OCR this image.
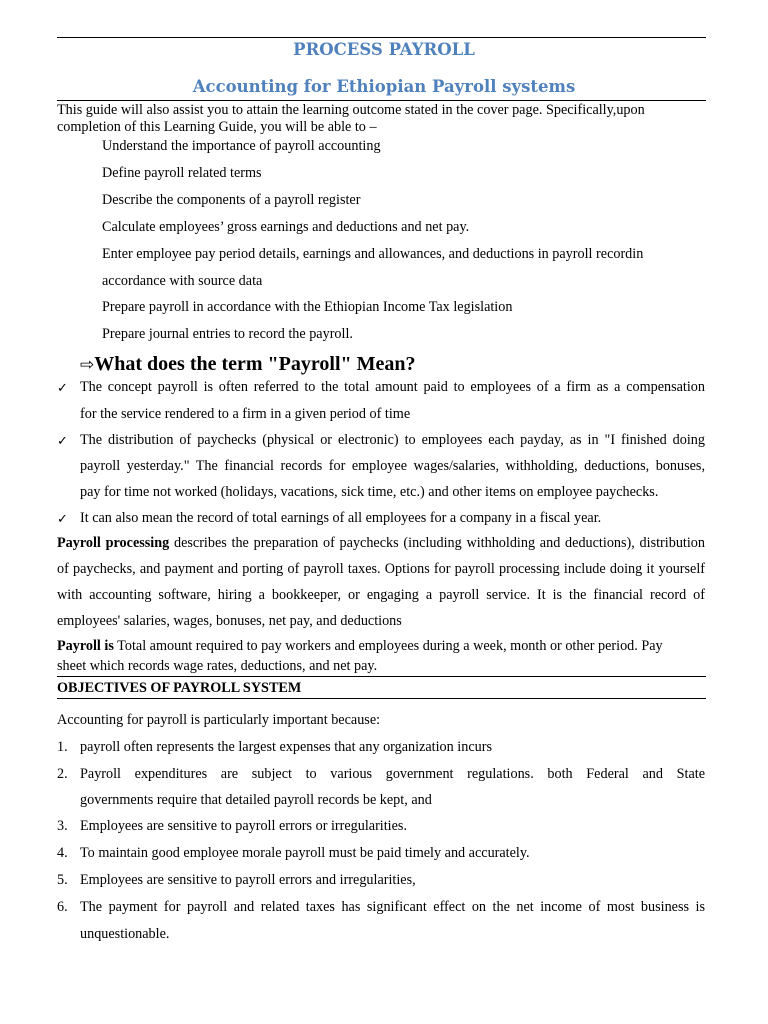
PROCESS PAYROLL
Accounting for Ethiopian Payroll systems
This guide will also assist you to attain the learning outcome stated in the cover page. Specifically,upon
completion of this Learning Guide, you will be able to –
Understand the importance of payroll accounting
Define payroll related terms
Describe the components of a payroll register
Calculate employees’ gross earnings and deductions and net pay.
Enter employee pay period details, earnings and allowances, and deductions in payroll recordin
accordance with source data
Prepare payroll in accordance with the Ethiopian Income Tax legislation
Prepare journal entries to record the payroll.
⇨What does the term "Payroll" Mean?
✓ The concept payroll is often referred to the total amount paid to employees of a firm as a compensation
for the service rendered to a firm in a given period of time
✓ The distribution of paychecks (physical or electronic) to employees each payday, as in "I finished doing
payroll yesterday." The financial records for employee wages/salaries, withholding, deductions, bonuses,
pay for time not worked (holidays, vacations, sick time, etc.) and other items on employee paychecks.
✓ It can also mean the record of total earnings of all employees for a company in a fiscal year.
Payroll processing describes the preparation of paychecks (including withholding and deductions), distribution
of paychecks, and payment and porting of payroll taxes. Options for payroll processing include doing it yourself
with accounting software, hiring a bookkeeper, or engaging a payroll service. It is the financial record of
employees' salaries, wages, bonuses, net pay, and deductions
Payroll is Total amount required to pay workers and employees during a week, month or other period. Pay
sheet which records wage rates, deductions, and net pay.
OBJECTIVES OF PAYROLL SYSTEM
Accounting for payroll is particularly important because:
1. payroll often represents the largest expenses that any organization incurs
2. Payroll expenditures are subject to various government regulations. both Federal and State
governments require that detailed payroll records be kept, and
3. Employees are sensitive to payroll errors or irregularities.
4. To maintain good employee morale payroll must be paid timely and accurately.
5. Employees are sensitive to payroll errors and irregularities,
6. The payment for payroll and related taxes has significant effect on the net income of most business is
unquestionable.
